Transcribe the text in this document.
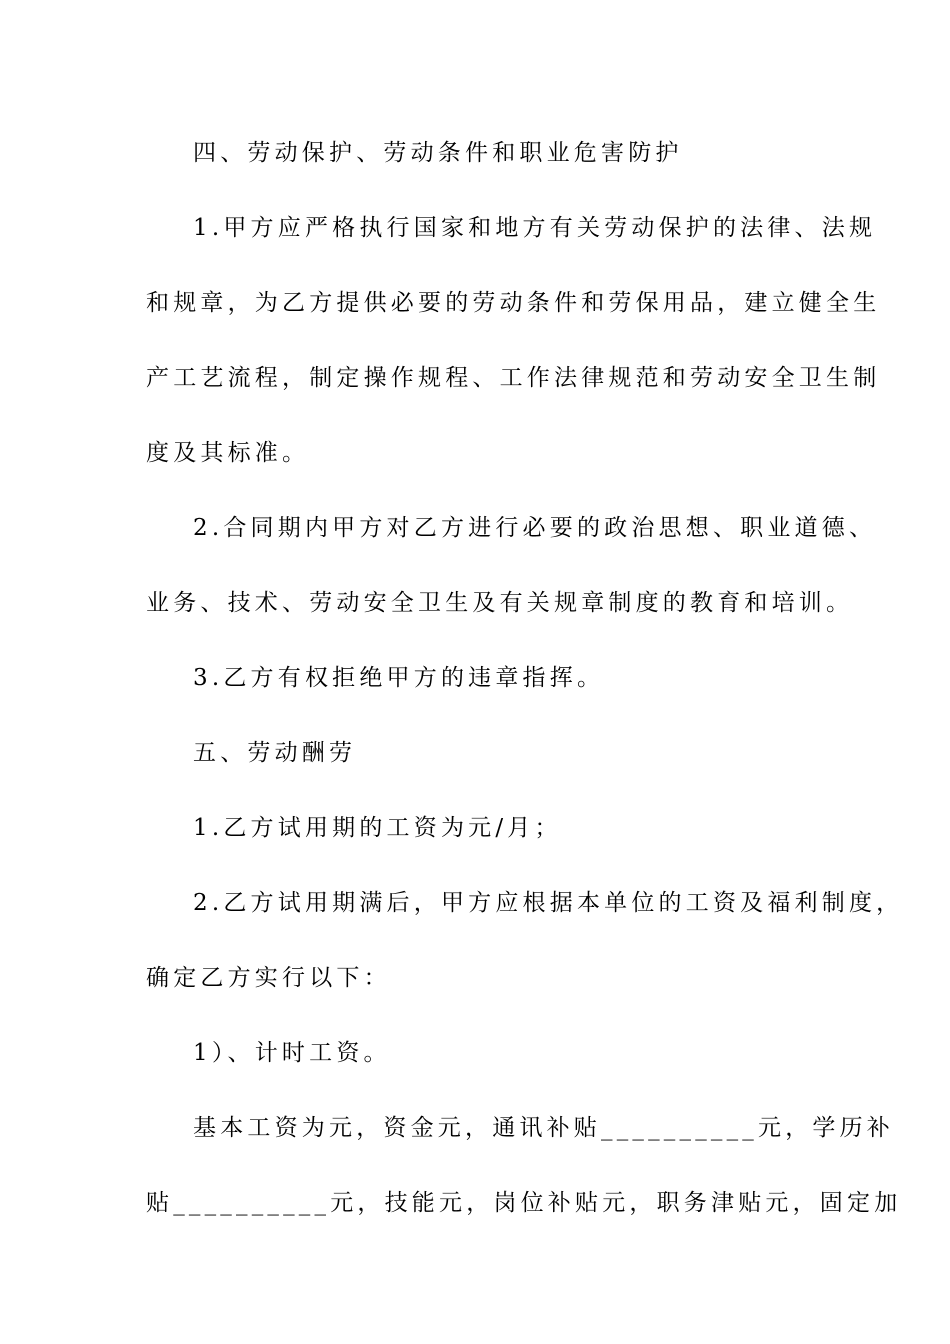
四、劳动保护、劳动条件和职业危害防护
1.甲方应严格执行国家和地方有关劳动保护的法律、法规
和规章，为乙方提供必要的劳动条件和劳保用品，建立健全生
产工艺流程，制定操作规程、工作法律规范和劳动安全卫生制
度及其标准。
2.合同期内甲方对乙方进行必要的政治思想、职业道德、
业务、技术、劳动安全卫生及有关规章制度的教育和培训。
3.乙方有权拒绝甲方的违章指挥。
五、劳动酬劳
1.乙方试用期的工资为元/月；
2.乙方试用期满后，甲方应根据本单位的工资及福利制度，
确定乙方实行以下：
1）、计时工资。
基本工资为元，资金元，通讯补贴__________元，学历补
贴__________元，技能元，岗位补贴元，职务津贴元，固定加
